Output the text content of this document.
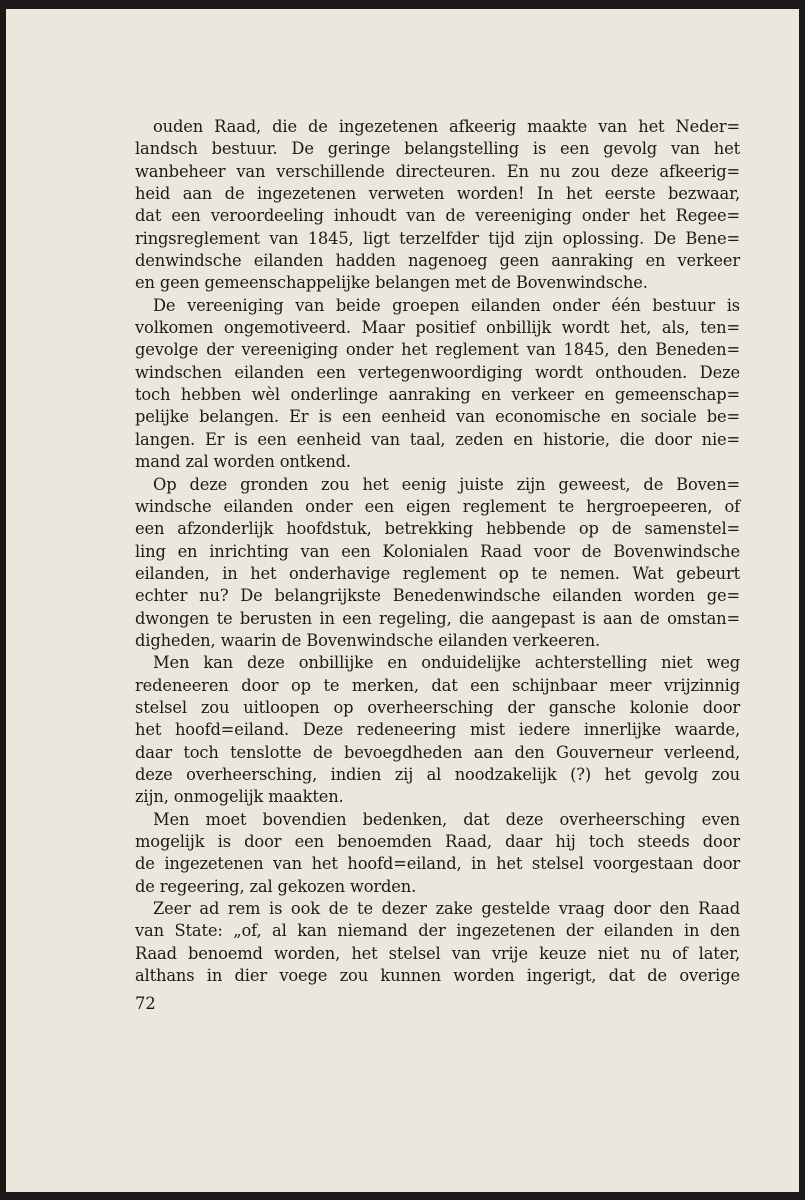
ouden Raad, die de ingezetenen afkeerig maakte van het Neder=
landsch bestuur. De geringe belangstelling is een gevolg van het
wanbeheer van verschillende directeuren. En nu zou deze afkeerig=
heid aan de ingezetenen verweten worden! In het eerste bezwaar,
dat een veroordeeling inhoudt van de vereeniging onder het Regee=
ringsreglement van 1845, ligt terzelfder tijd zijn oplossing. De Bene=
denwindsche eilanden hadden nagenoeg geen aanraking en verkeer
en geen gemeenschappelijke belangen met de Bovenwindsche.
De vereeniging van beide groepen eilanden onder één bestuur is
volkomen ongemotiveerd. Maar positief onbillijk wordt het, als, ten=
gevolge der vereeniging onder het reglement van 1845, den Beneden=
windschen eilanden een vertegenwoordiging wordt onthouden. Deze
toch hebben wèl onderlinge aanraking en verkeer en gemeenschap=
pelijke belangen. Er is een eenheid van economische en sociale be=
langen. Er is een eenheid van taal, zeden en historie, die door nie=
mand zal worden ontkend.
Op deze gronden zou het eenig juiste zijn geweest, de Boven=
windsche eilanden onder een eigen reglement te hergroepeeren, of
een afzonderlijk hoofdstuk, betrekking hebbende op de samenstel=
ling en inrichting van een Kolonialen Raad voor de Bovenwindsche
eilanden, in het onderhavige reglement op te nemen. Wat gebeurt
echter nu? De belangrijkste Benedenwindsche eilanden worden ge=
dwongen te berusten in een regeling, die aangepast is aan de omstan=
digheden, waarin de Bovenwindsche eilanden verkeeren.
Men kan deze onbillijke en onduidelijke achterstelling niet weg
redeneeren door op te merken, dat een schijnbaar meer vrijzinnig
stelsel zou uitloopen op overheersching der gansche kolonie door
het hoofd=eiland. Deze redeneering mist iedere innerlijke waarde,
daar toch tenslotte de bevoegdheden aan den Gouverneur verleend,
deze overheersching, indien zij al noodzakelijk (?) het gevolg zou
zijn, onmogelijk maakten.
Men moet bovendien bedenken, dat deze overheersching even
mogelijk is door een benoemden Raad, daar hij toch steeds door
de ingezetenen van het hoofd=eiland, in het stelsel voorgestaan door
de regeering, zal gekozen worden.
Zeer ad rem is ook de te dezer zake gestelde vraag door den Raad
van State: „of, al kan niemand der ingezetenen der eilanden in den
Raad benoemd worden, het stelsel van vrije keuze niet nu of later,
althans in dier voege zou kunnen worden ingerigt, dat de overige
72
